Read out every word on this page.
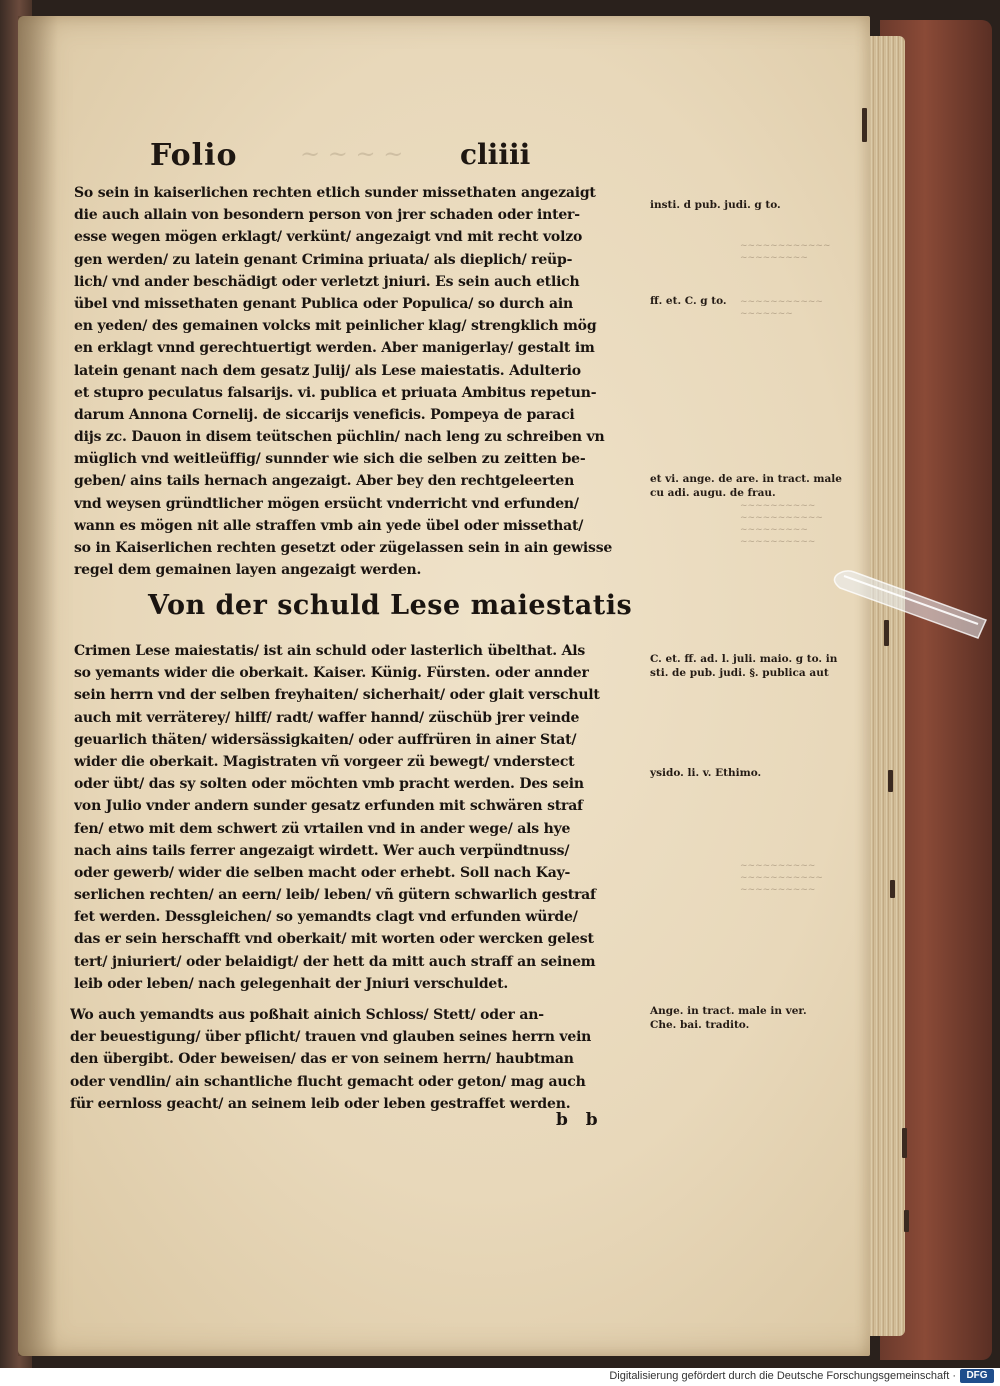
~ ~ ~ ~
~~~~~~~~~~~~
~~~~~~~~~
~~~~~~~~~~~
~~~~~~~
~~~~~~~~~~
~~~~~~~~~~~
~~~~~~~~~
~~~~~~~~~~
~~~~~~~~~~
~~~~~~~~~~~
~~~~~~~~~~
Folio	cliiii
So sein in kaiserlichen rechten etlich sunder missethaten angezaigt
die auch allain von besondern person von jrer schaden oder inter-
esse wegen mögen erklagt/ verkünt/ angezaigt vnd mit recht volzo
gen werden/ zu latein genant Crimina priuata/ als dieplich/ reüp-
lich/ vnd ander beschädigt oder verletzt jniuri. Es sein auch etlich
übel vnd missethaten genant Publica oder Populica/ so durch ain
en yeden/ des gemainen volcks mit peinlicher klag/ strengklich mög
en erklagt vnnd gerechtuertigt werden. Aber manigerlay/ gestalt im
latein genant nach dem gesatz Julij/ als Lese maiestatis. Adulterio
et stupro peculatus falsarijs. vi. publica et priuata Ambitus repetun-
darum Annona Cornelij. de siccarijs veneficis. Pompeya de paraci
dijs zc. Dauon in disem teütschen püchlin/ nach leng zu schreiben vn
müglich vnd weitleüffig/ sunnder wie sich die selben zu zeitten be-
geben/ ains tails hernach angezaigt. Aber bey den rechtgeleerten
vnd weysen gründtlicher mögen ersücht vnderricht vnd erfunden/
wann es mögen nit alle straffen vmb ain yede übel oder missethat/
so in Kaiserlichen rechten gesetzt oder zügelassen sein in ain gewisse
regel dem gemainen layen angezaigt werden.
Von der schuld Lese maiestatis
Crimen Lese maiestatis/ ist ain schuld oder lasterlich übelthat. Als
so yemants wider die oberkait. Kaiser. Künig. Fürsten. oder annder
sein herrn vnd der selben freyhaiten/ sicherhait/ oder glait verschult
auch mit verräterey/ hilff/ radt/ waffer hannd/ züschüb jrer veinde
geuarlich thäten/ widersässigkaiten/ oder auffrüren in ainer Stat/
wider die oberkait. Magistraten vñ vorgeer zü bewegt/ vnderstect
oder übt/ das sy solten oder möchten vmb pracht werden. Des sein
von Julio vnder andern sunder gesatz erfunden mit schwären straf
fen/ etwo mit dem schwert zü vrtailen vnd in ander wege/ als hye
nach ains tails ferrer angezaigt wirdett. Wer auch verpündtnuss/
oder gewerb/ wider die selben macht oder erhebt. Soll nach Kay-
serlichen rechten/ an eern/ leib/ leben/ vñ gütern schwarlich gestraf
fet werden. Dessgleichen/ so yemandts clagt vnd erfunden würde/
das er sein herschafft vnd oberkait/ mit worten oder wercken gelest
tert/ jniuriert/ oder belaidigt/ der hett da mitt auch straff an seinem
leib oder leben/ nach gelegenhait der Jniuri verschuldet.
Wo auch yemandts aus poßhait ainich Schloss/ Stett/ oder an-
der beuestigung/ über pflicht/ trauen vnd glauben seines herrn vein
den übergibt. Oder beweisen/ das er von seinem herrn/ haubtman
oder vendlin/ ain schantliche flucht gemacht oder geton/ mag auch
für eernloss geacht/ an seinem leib oder leben gestraffet werden.
b b
insti. d pub. judi. g to.
ff. et. C. g to.
et vi. ange. de are. in tract. male
cu adi. augu. de frau.
C. et. ff. ad. l. juli. maio. g to. in
sti. de pub. judi. §. publica aut
ysido. li. v. Ethimo.
Ange. in tract. male in ver.
Che. bai. tradito.
Digitalisierung gefördert durch die Deutsche Forschungsgemeinschaft ·	DFG
